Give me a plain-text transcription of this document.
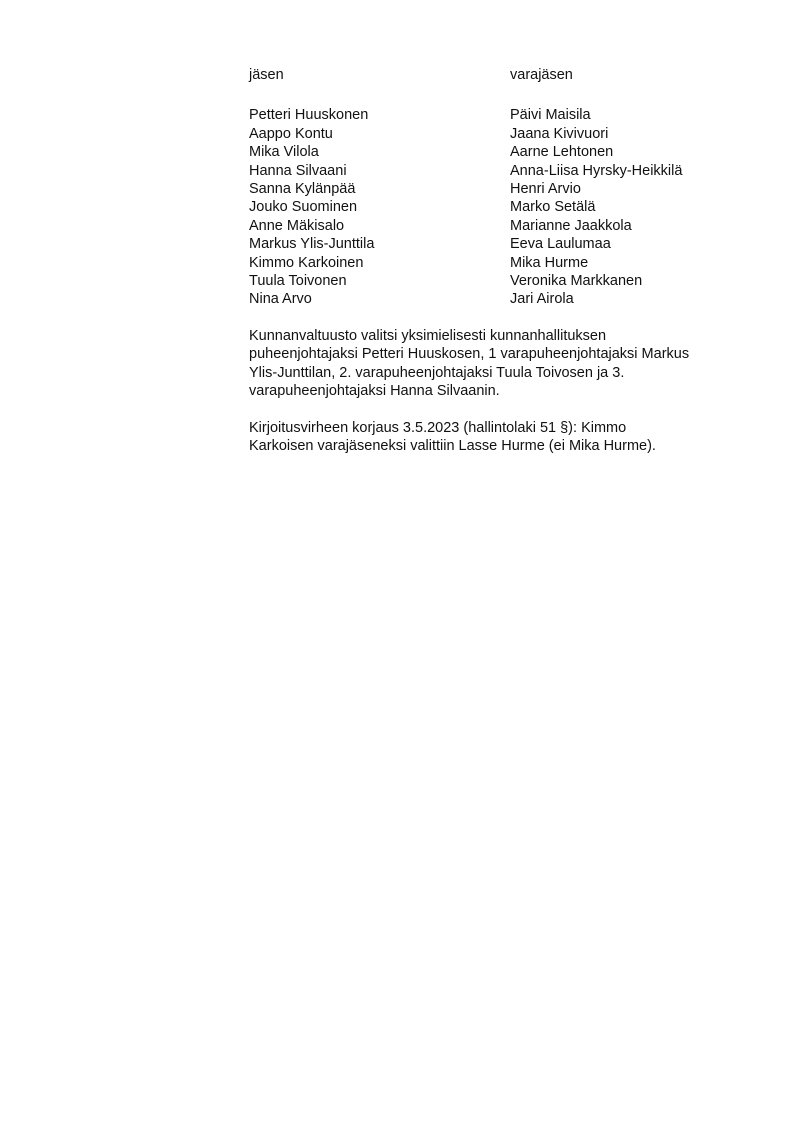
jäsen	varajäsen
Petteri Huuskonen	Päivi Maisila
Aappo Kontu	Jaana Kivivuori
Mika Vilola	Aarne Lehtonen
Hanna Silvaani	Anna-Liisa Hyrsky-Heikkilä
Sanna Kylänpää	Henri Arvio
Jouko Suominen	Marko Setälä
Anne Mäkisalo	Marianne Jaakkola
Markus Ylis-Junttila	Eeva Laulumaa
Kimmo Karkoinen	Mika Hurme
Tuula Toivonen	Veronika Markkanen
Nina Arvo	Jari Airola
Kunnanvaltuusto valitsi yksimielisesti kunnanhallituksen
puheenjohtajaksi Petteri Huuskosen, 1 varapuheenjohtajaksi Markus
Ylis-Junttilan, 2. varapuheenjohtajaksi Tuula Toivosen ja 3.
varapuheenjohtajaksi Hanna Silvaanin.
Kirjoitusvirheen korjaus 3.5.2023 (hallintolaki 51 §): Kimmo
Karkoisen varajäseneksi valittiin Lasse Hurme (ei Mika Hurme).
